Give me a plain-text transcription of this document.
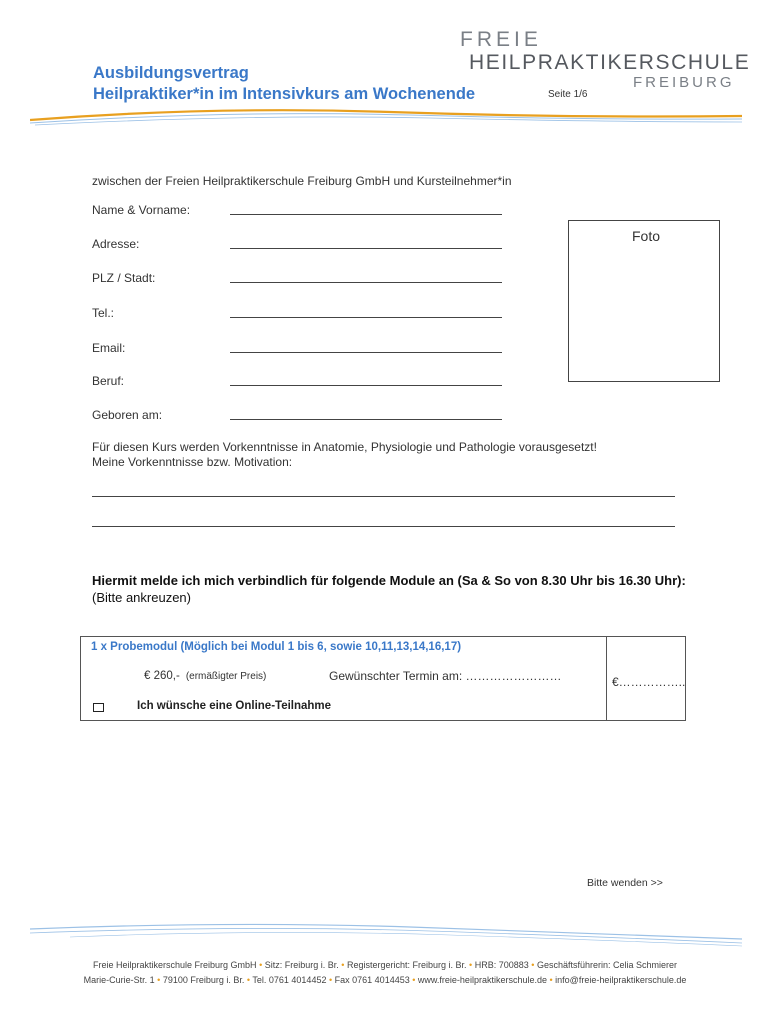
Ausbildungsvertrag
Heilpraktiker*in im Intensivkurs am Wochenende	Seite 1/6
FREIE
HEILPRAKTIKERSCHULE
FREIBURG
zwischen der Freien Heilpraktikerschule Freiburg GmbH und Kursteilnehmer*in
Name & Vorname:
Adresse:
PLZ / Stadt:
Tel.:
Email:
Beruf:
Geboren am:
Foto
Für diesen Kurs werden Vorkenntnisse in Anatomie, Physiologie und Pathologie vorausgesetzt!
Meine Vorkenntnisse bzw. Motivation:
Hiermit melde ich mich verbindlich für folgende Module an (Sa & So von 8.30 Uhr bis 16.30 Uhr): (Bitte ankreuzen)
1 x Probemodul (Möglich bei Modul 1 bis 6, sowie 10,11,13,14,16,17)
€ 260,- (ermäßigter Preis)	Gewünschter Termin am: ……………………	€……………..
Ich wünsche eine Online-Teilnahme
Bitte wenden >>
Freie Heilpraktikerschule Freiburg GmbH • Sitz: Freiburg i. Br. • Registergericht: Freiburg i. Br. • HRB: 700883 • Geschäftsführerin: Celia Schmierer
Marie-Curie-Str. 1 • 79100 Freiburg i. Br. • Tel. 0761 4014452 • Fax 0761 4014453 • www.freie-heilpraktikerschule.de • info@freie-heilpraktikerschule.de
